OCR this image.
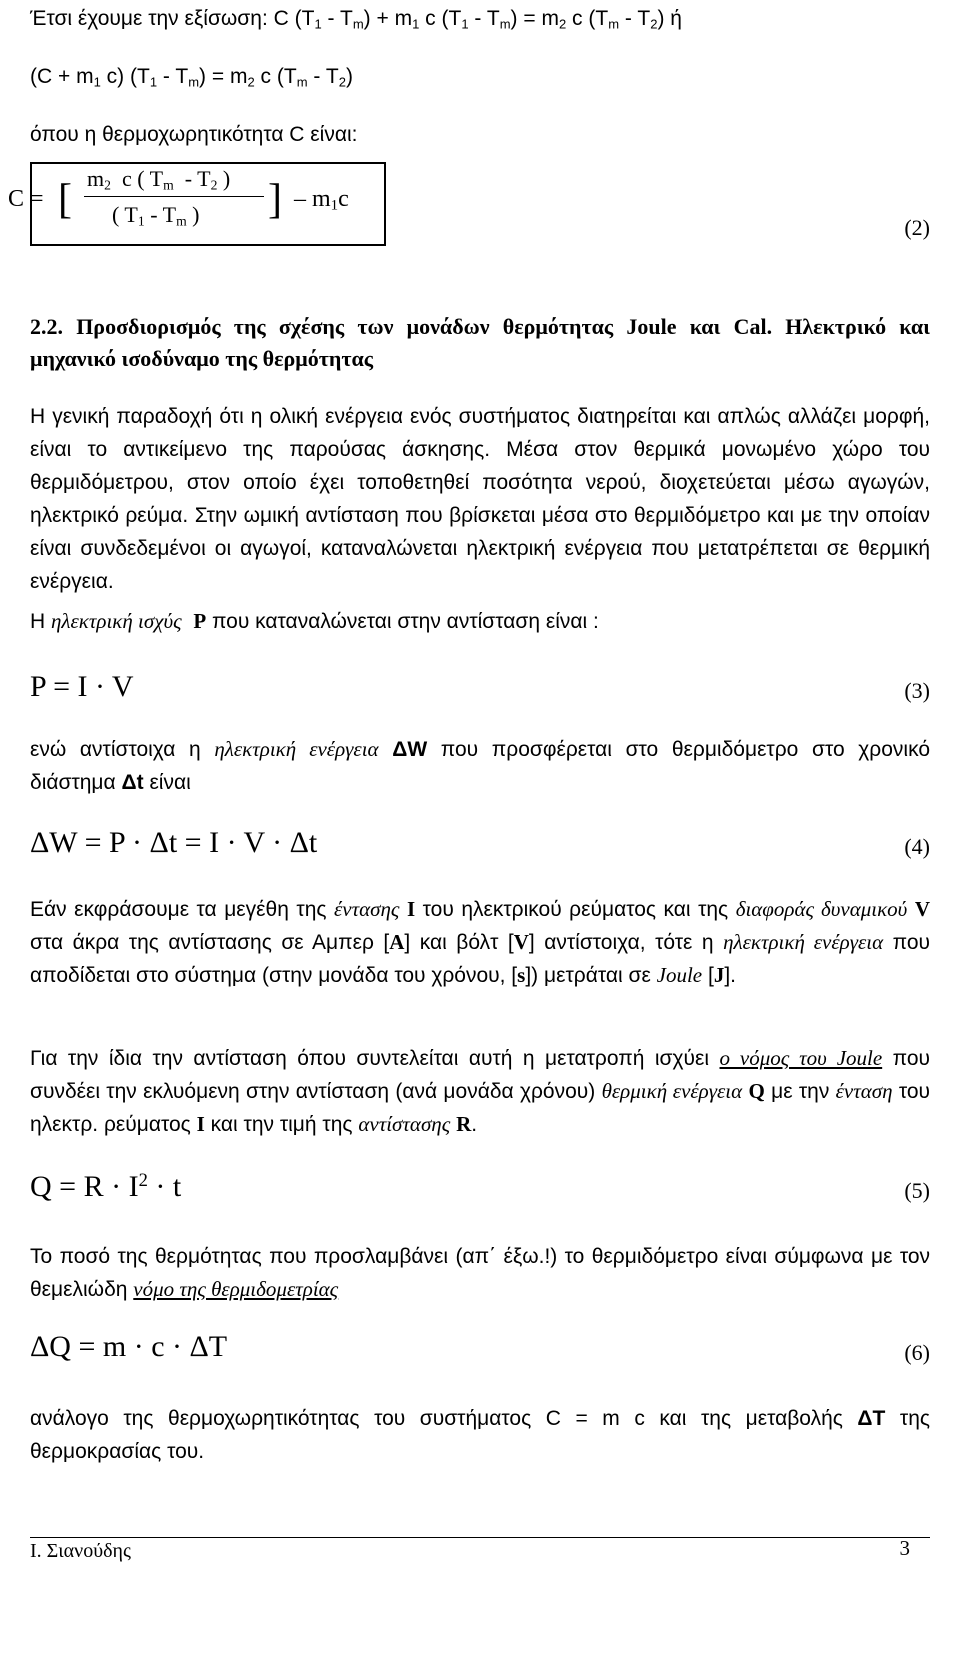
Έτσι έχουμε την εξίσωση: C $(T_1 - T_m) + m_1$ c $(T_1 - T_m) = m_2$ c $(T_m - T_2)$ ή
($C + m_1$ c) $(T_1 - T_m) = m_2$ c $(T_m - T_2)$
όπου η θερμοχωρητικότητα C είναι:
C = [ $m_2$  c ( $T_m - T_2$ )
( $T_1 - T_m$ ) ] – $m_1c$
(2)

2.2. Προσδιορισμός της σχέσης των μονάδων θερμότητας Joule και Cal. Ηλεκτρικό και μηχανικό ισοδύναμο της θερμότητας

Η γενική παραδοχή ότι η ολική ενέργεια ενός συστήματος διατηρείται και απλώς αλλάζει μορφή, είναι το αντικείμενο της παρούσας άσκησης. Μέσα στον θερμικά μονωμένο χώρο του θερμιδόμετρου, στον οποίο έχει τοποθετηθεί ποσότητα νερού, διοχετεύεται μέσω αγωγών, ηλεκτρικό ρεύμα. Στην ωμική αντίσταση που βρίσκεται μέσα στο θερμιδόμετρο και με την οποίαν είναι συνδεδεμένοι οι αγωγοί, καταναλώνεται ηλεκτρική ενέργεια που μετατρέπεται σε θερμική ενέργεια.

Η ηλεκτρική ισχύς P που καταναλώνεται στην αντίσταση είναι :

P = I · V	(3)

ενώ αντίστοιχα η ηλεκτρική ενέργεια ΔW που προσφέρεται στο θερμιδόμετρο στο χρονικό διάστημα Δt είναι

ΔW = P · Δt = I · V · Δt	(4)

Εάν εκφράσουμε τα μεγέθη της έντασης I του ηλεκτρικού ρεύματος και της διαφοράς δυναμικού V στα άκρα της αντίστασης σε Αμπερ [A] και βόλτ [V] αντίστοιχα, τότε η ηλεκτρική ενέργεια που αποδίδεται στο σύστημα (στην μονάδα του χρόνου, [s]) μετράται σε Joule [J].

Για την ίδια την αντίσταση όπου συντελείται αυτή η μετατροπή ισχύει ο νόμος του Joule που συνδέει την εκλυόμενη στην αντίσταση (ανά μονάδα χρόνου) θερμική ενέργεια Q με την ένταση του ηλεκτρ. ρεύματος I και την τιμή της αντίστασης R.

$Q = R \cdot I^2 \cdot t$	(5)

Το ποσό της θερμότητας που προσλαμβάνει (απ΄ έξω.!) το θερμιδόμετρο είναι σύμφωνα με τον θεμελιώδη νόμο της θερμιδομετρίας

ΔQ = m · c · ΔT	(6)

ανάλογο της θερμοχωρητικότητας του συστήματος C = m c και της μεταβολής ΔT της θερμοκρασίας του.

Ι. Σιανούδης	3
